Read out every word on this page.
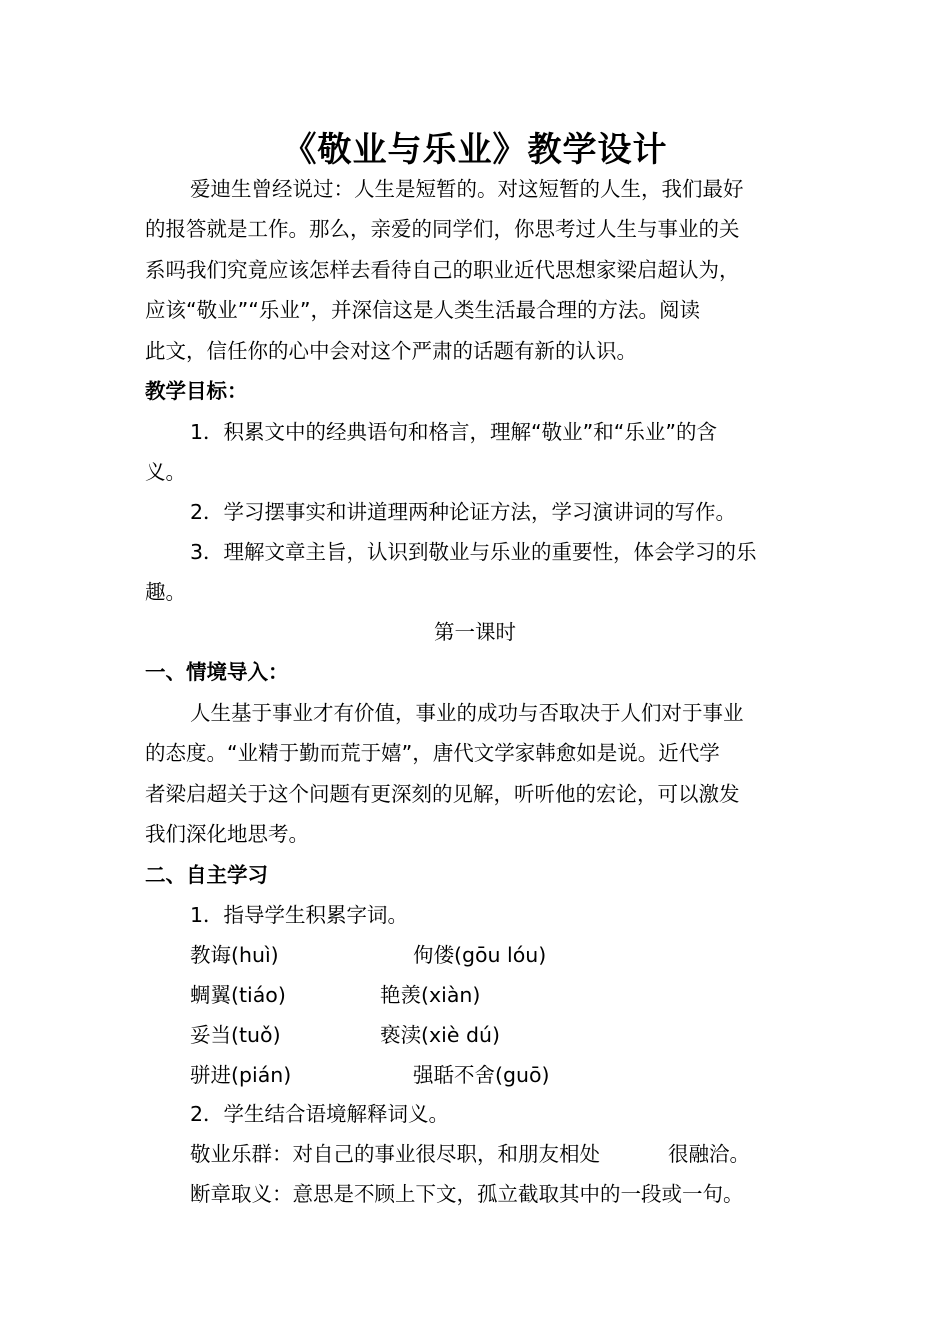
《敬业与乐业》教学设计
爱迪生曾经说过：人生是短暂的。对这短暂的人生，我们最好
的报答就是工作。那么，亲爱的同学们，你思考过人生与事业的关
系吗我们究竟应该怎样去看待自己的职业近代思想家梁启超认为，
应该“敬业”“乐业”，并深信这是人类生活最合理的方法。阅读
此文，信任你的心中会对这个严肃的话题有新的认识。
教学目标：
1．积累文中的经典语句和格言，理解“敬业”和“乐业”的含
义。
2．学习摆事实和讲道理两种论证方法，学习演讲词的写作。
3．理解文章主旨，认识到敬业与乐业的重要性，体会学习的乐
趣。
第一课时
一、情境导入：
人生基于事业才有价值，事业的成功与否取决于人们对于事业
的态度。“业精于勤而荒于嬉”，唐代文学家韩愈如是说。近代学
者梁启超关于这个问题有更深刻的见解，听听他的宏论，可以激发
我们深化地思考。
二、自主学习
1．指导学生积累字词。
教诲(huì)	佝偻(gōu lóu)
蜩翼(tiáo)	艳羡(xiàn)
妥当(tuǒ)	亵渎(xiè dú)
骈进(pián)	强聒不舍(guō)
2．学生结合语境解释词义。
敬业乐群：对自己的事业很尽职，和朋友相处	很融洽。
断章取义：意思是不顾上下文，孤立截取其中的一段或一句。
